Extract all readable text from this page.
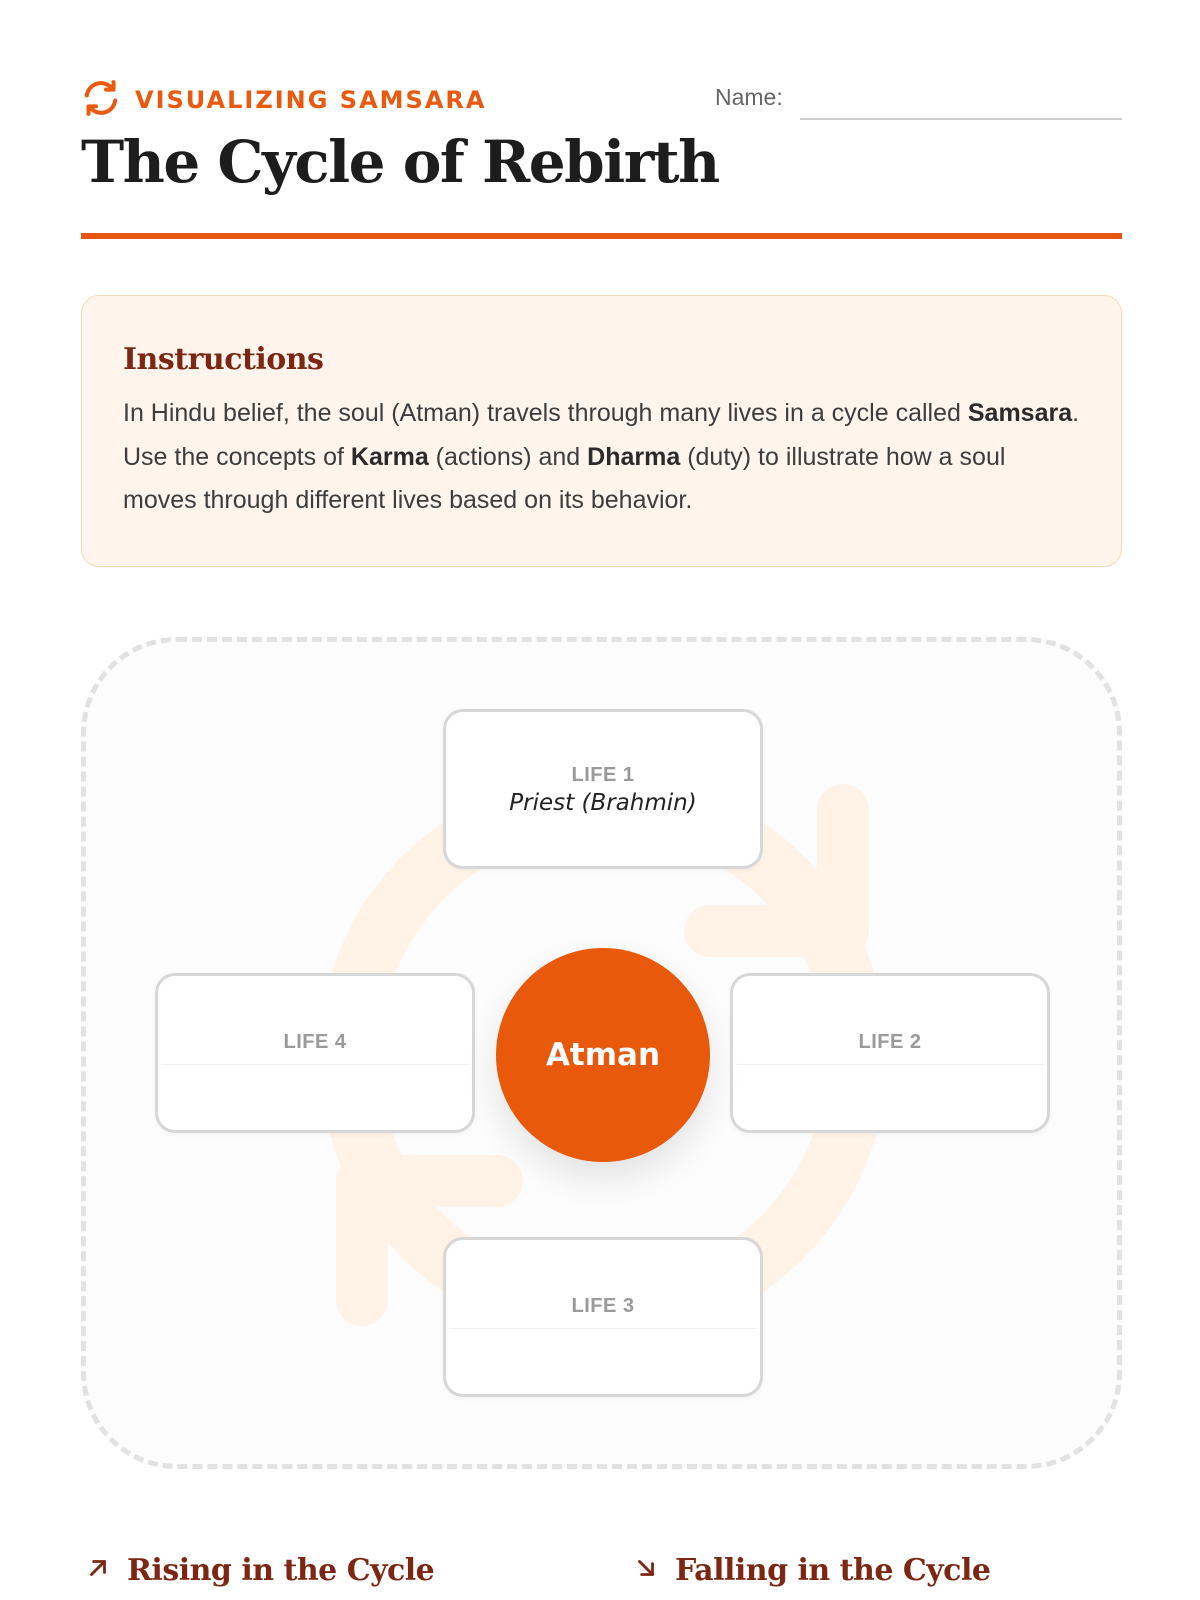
VISUALIZING SAMSARA
The Cycle of Rebirth
Name:
Instructions

In Hindu belief, the soul (Atman) travels through many lives in a cycle called Samsara. Use the concepts of Karma (actions) and Dharma (duty) to illustrate how a soul moves through different lives based on its behavior.

LIFE 1
Priest (Brahmin)
LIFE 2
LIFE 3
LIFE 4	Atman
Rising in the Cycle	Falling in the Cycle
